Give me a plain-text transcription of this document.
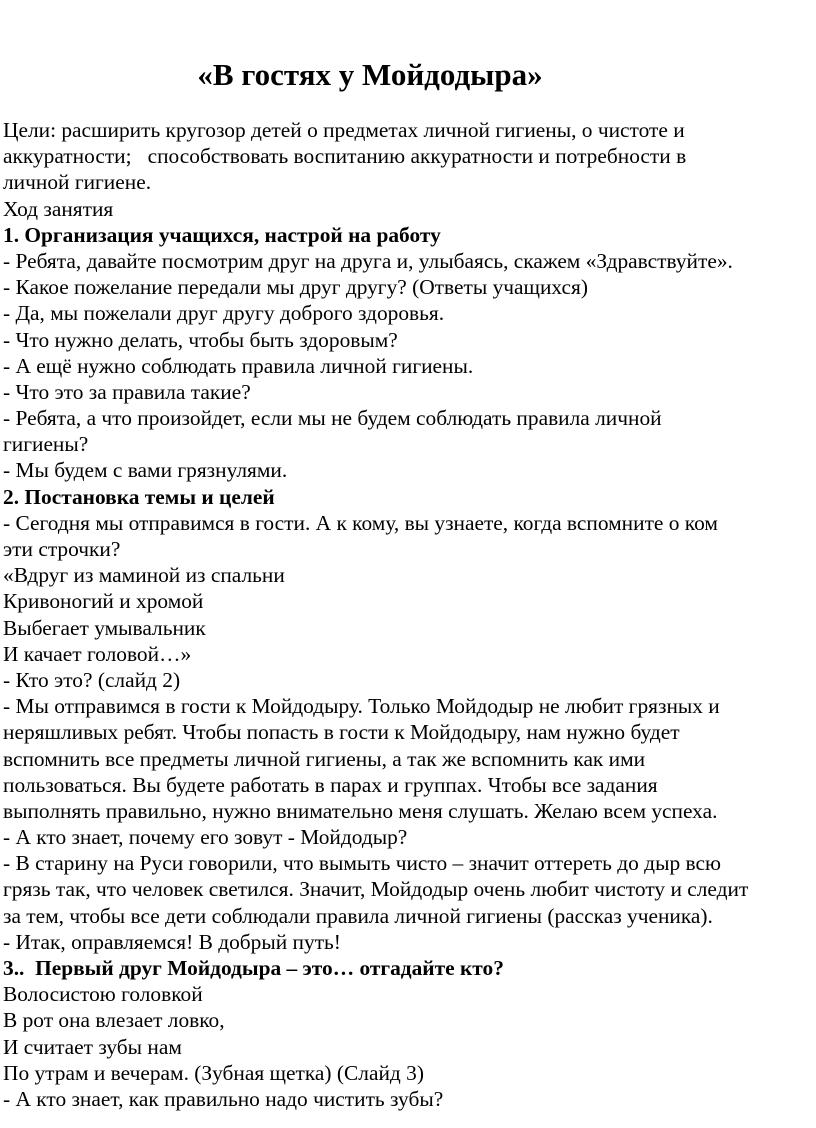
«В гостях у Мойдодыра»
Цели: расширить кругозор детей о предметах личной гигиены, о чистоте и
аккуратности;   способствовать воспитанию аккуратности и потребности в
личной гигиене.
Ход занятия
1. Организация учащихся, настрой на работу
- Ребята, давайте посмотрим друг на друга и, улыбаясь, скажем «Здравствуйте».
- Какое пожелание передали мы друг другу? (Ответы учащихся)
- Да, мы пожелали друг другу доброго здоровья.
- Что нужно делать, чтобы быть здоровым?
- А ещё нужно соблюдать правила личной гигиены.
- Что это за правила такие?
- Ребята, а что произойдет, если мы не будем соблюдать правила личной
гигиены?
- Мы будем с вами грязнулями.
2. Постановка темы и целей
- Сегодня мы отправимся в гости. А к кому, вы узнаете, когда вспомните о ком
эти строчки?
«Вдруг из маминой из спальни
Кривоногий и хромой
Выбегает умывальник
И качает головой…»
- Кто это? (слайд 2)
- Мы отправимся в гости к Мойдодыру. Только Мойдодыр не любит грязных и
неряшливых ребят. Чтобы попасть в гости к Мойдодыру, нам нужно будет
вспомнить все предметы личной гигиены, а так же вспомнить как ими
пользоваться. Вы будете работать в парах и группах. Чтобы все задания
выполнять правильно, нужно внимательно меня слушать. Желаю всем успеха.
- А кто знает, почему его зовут - Мойдодыр?
- В старину на Руси говорили, что вымыть чисто – значит оттереть до дыр всю
грязь так, что человек светился. Значит, Мойдодыр очень любит чистоту и следит
за тем, чтобы все дети соблюдали правила личной гигиены (рассказ ученика).
- Итак, оправляемся! В добрый путь!
3..  Первый друг Мойдодыра – это… отгадайте кто?
Волосистою головкой
В рот она влезает ловко,
И считает зубы нам
По утрам и вечерам. (Зубная щетка) (Слайд 3)
- А кто знает, как правильно надо чистить зубы?
